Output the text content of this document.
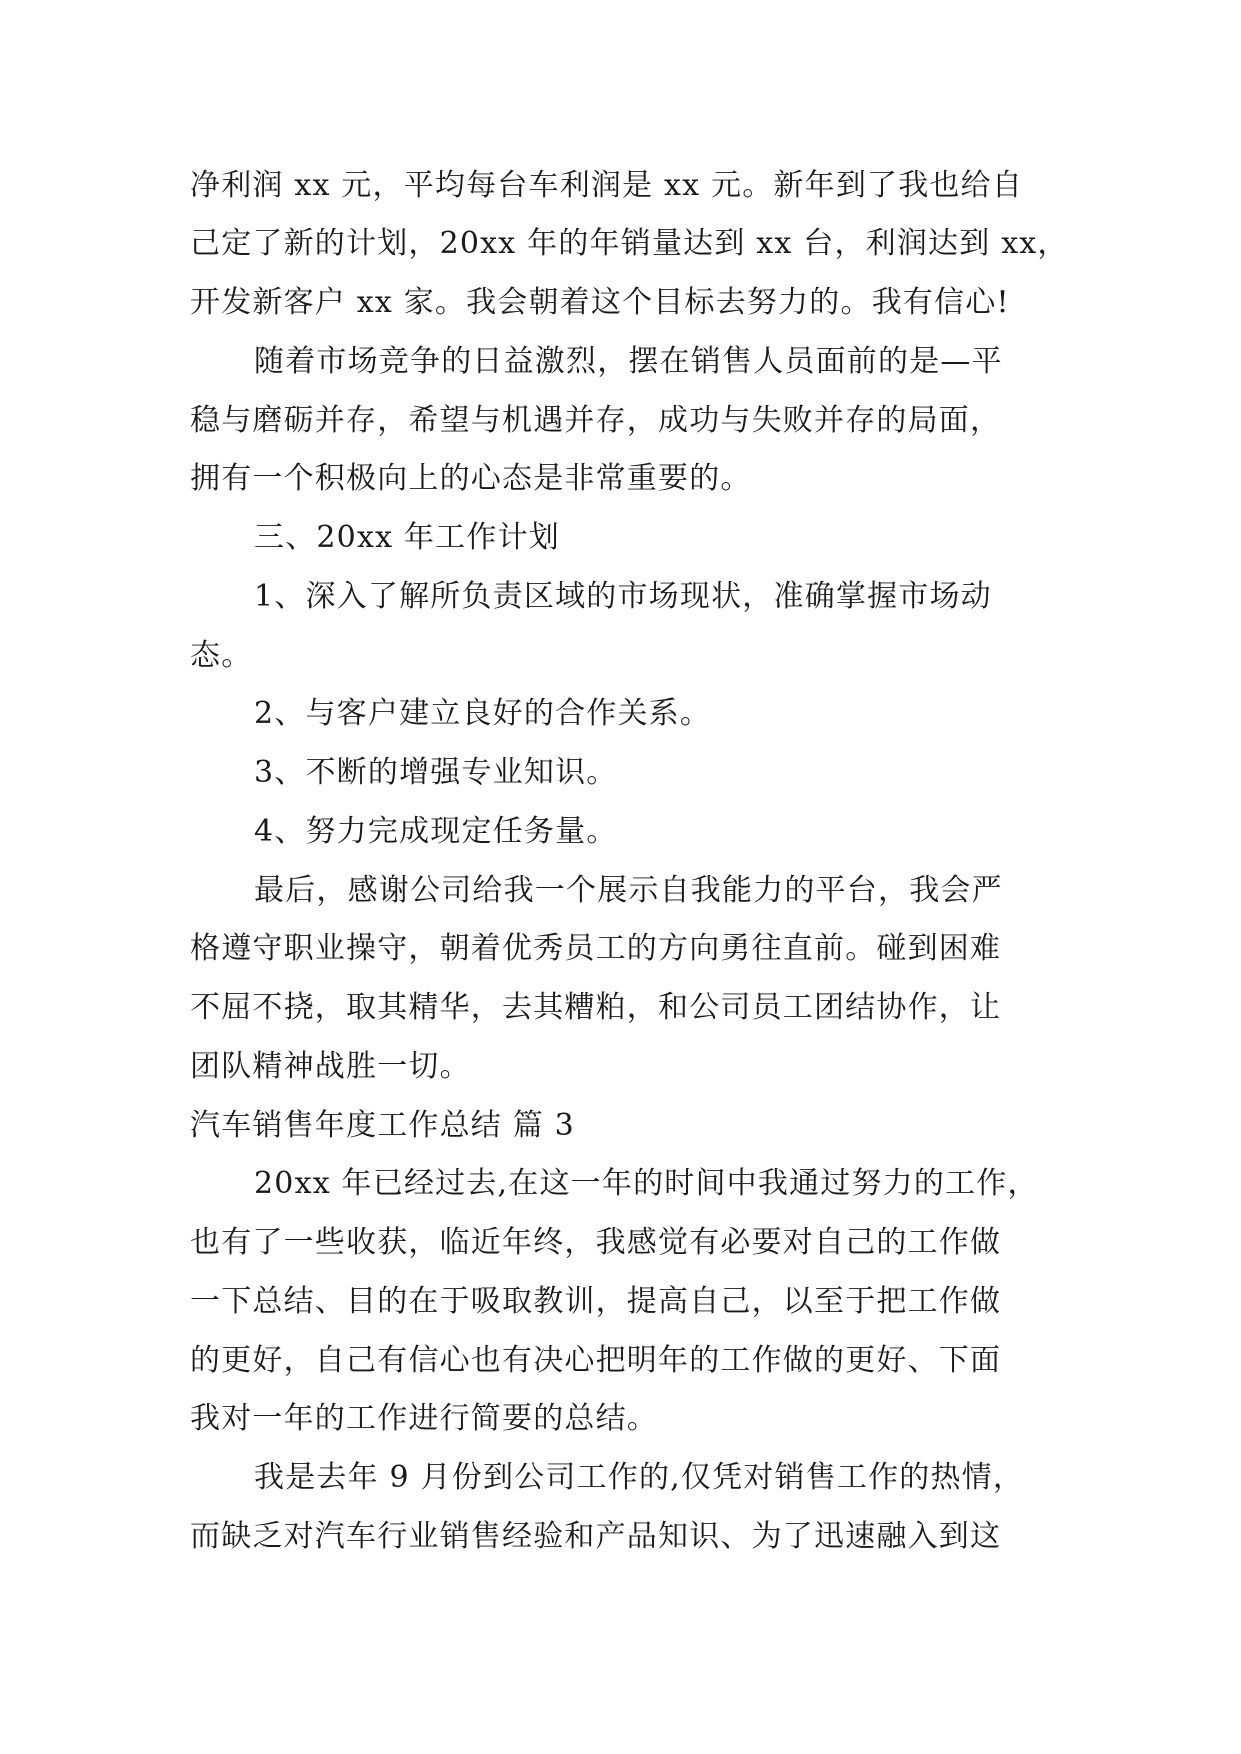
净利润 xx 元，平均每台车利润是 xx 元。新年到了我也给自
己定了新的计划，20xx 年的年销量达到 xx 台，利润达到 xx，
开发新客户 xx 家。我会朝着这个目标去努力的。我有信心!
随着市场竞争的日益激烈，摆在销售人员面前的是—平
稳与磨砺并存，希望与机遇并存，成功与失败并存的局面，
拥有一个积极向上的心态是非常重要的。
三、20xx 年工作计划
1、深入了解所负责区域的市场现状，准确掌握市场动
态。
2、与客户建立良好的合作关系。
3、不断的增强专业知识。
4、努力完成现定任务量。
最后，感谢公司给我一个展示自我能力的平台，我会严
格遵守职业操守，朝着优秀员工的方向勇往直前。碰到困难
不屈不挠，取其精华，去其糟粕，和公司员工团结协作，让
团队精神战胜一切。
汽车销售年度工作总结 篇 3
20xx 年已经过去,在这一年的时间中我通过努力的工作，
也有了一些收获，临近年终，我感觉有必要对自己的工作做
一下总结、目的在于吸取教训，提高自己，以至于把工作做
的更好，自己有信心也有决心把明年的工作做的更好、下面
我对一年的工作进行简要的总结。
我是去年 9 月份到公司工作的,仅凭对销售工作的热情，
而缺乏对汽车行业销售经验和产品知识、为了迅速融入到这
